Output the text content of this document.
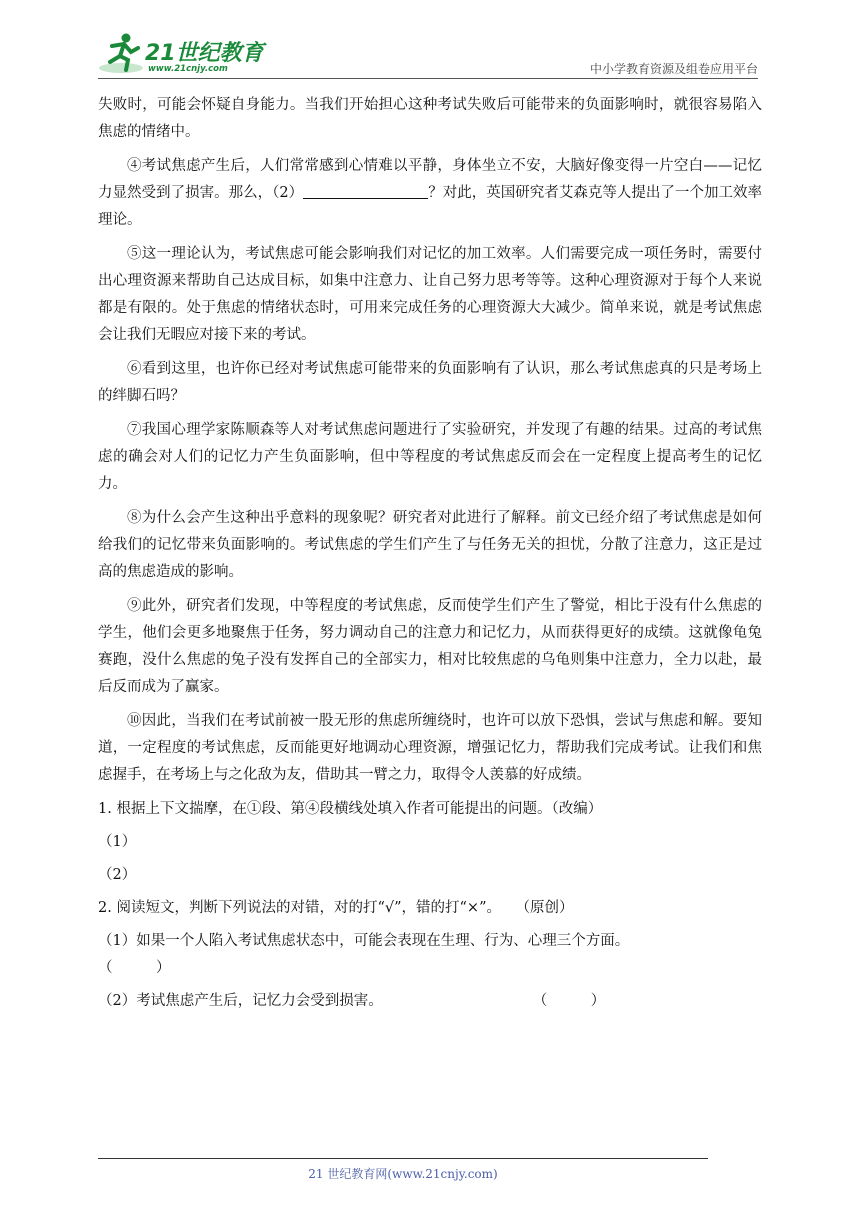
21世纪教育
www.21cnjy.com	中小学教育资源及组卷应用平台

失败时，可能会怀疑自身能力。当我们开始担心这种考试失败后可能带来的负面影响时，就很容易陷入焦虑的情绪中。

④考试焦虑产生后，人们常常感到心情难以平静，身体坐立不安，大脑好像变得一片空白——记忆力显然受到了损害。那么，（2）	？对此，英国研究者艾森克等人提出了一个加工效率理论。

⑤这一理论认为，考试焦虑可能会影响我们对记忆的加工效率。人们需要完成一项任务时，需要付出心理资源来帮助自己达成目标，如集中注意力、让自己努力思考等等。这种心理资源对于每个人来说都是有限的。处于焦虑的情绪状态时，可用来完成任务的心理资源大大减少。简单来说，就是考试焦虑会让我们无暇应对接下来的考试。

⑥看到这里，也许你已经对考试焦虑可能带来的负面影响有了认识，那么考试焦虑真的只是考场上的绊脚石吗？

⑦我国心理学家陈顺森等人对考试焦虑问题进行了实验研究，并发现了有趣的结果。过高的考试焦虑的确会对人们的记忆力产生负面影响，但中等程度的考试焦虑反而会在一定程度上提高考生的记忆力。

⑧为什么会产生这种出乎意料的现象呢？研究者对此进行了解释。前文已经介绍了考试焦虑是如何给我们的记忆带来负面影响的。考试焦虑的学生们产生了与任务无关的担忧，分散了注意力，这正是过高的焦虑造成的影响。

⑨此外，研究者们发现，中等程度的考试焦虑，反而使学生们产生了警觉，相比于没有什么焦虑的学生，他们会更多地聚焦于任务，努力调动自己的注意力和记忆力，从而获得更好的成绩。这就像龟兔赛跑，没什么焦虑的兔子没有发挥自己的全部实力，相对比较焦虑的乌龟则集中注意力，全力以赴，最后反而成为了赢家。

⑩因此，当我们在考试前被一股无形的焦虑所缠绕时，也许可以放下恐惧，尝试与焦虑和解。要知道，一定程度的考试焦虑，反而能更好地调动心理资源，增强记忆力，帮助我们完成考试。让我们和焦虑握手，在考场上与之化敌为友，借助其一臂之力，取得令人羡慕的好成绩。

1. 根据上下文揣摩，在①段、第④段横线处填入作者可能提出的问题。（改编）

（1）

（2）

2. 阅读短文，判断下列说法的对错，对的打“√”，错的打“×”。　　（原创）

（1）如果一个人陷入考试焦虑状态中，可能会表现在生理、行为、心理三个方面。
（　　　）

（2）考试焦虑产生后，记忆力会受到损害。	（　　　）

21 世纪教育网(www.21cnjy.com)
